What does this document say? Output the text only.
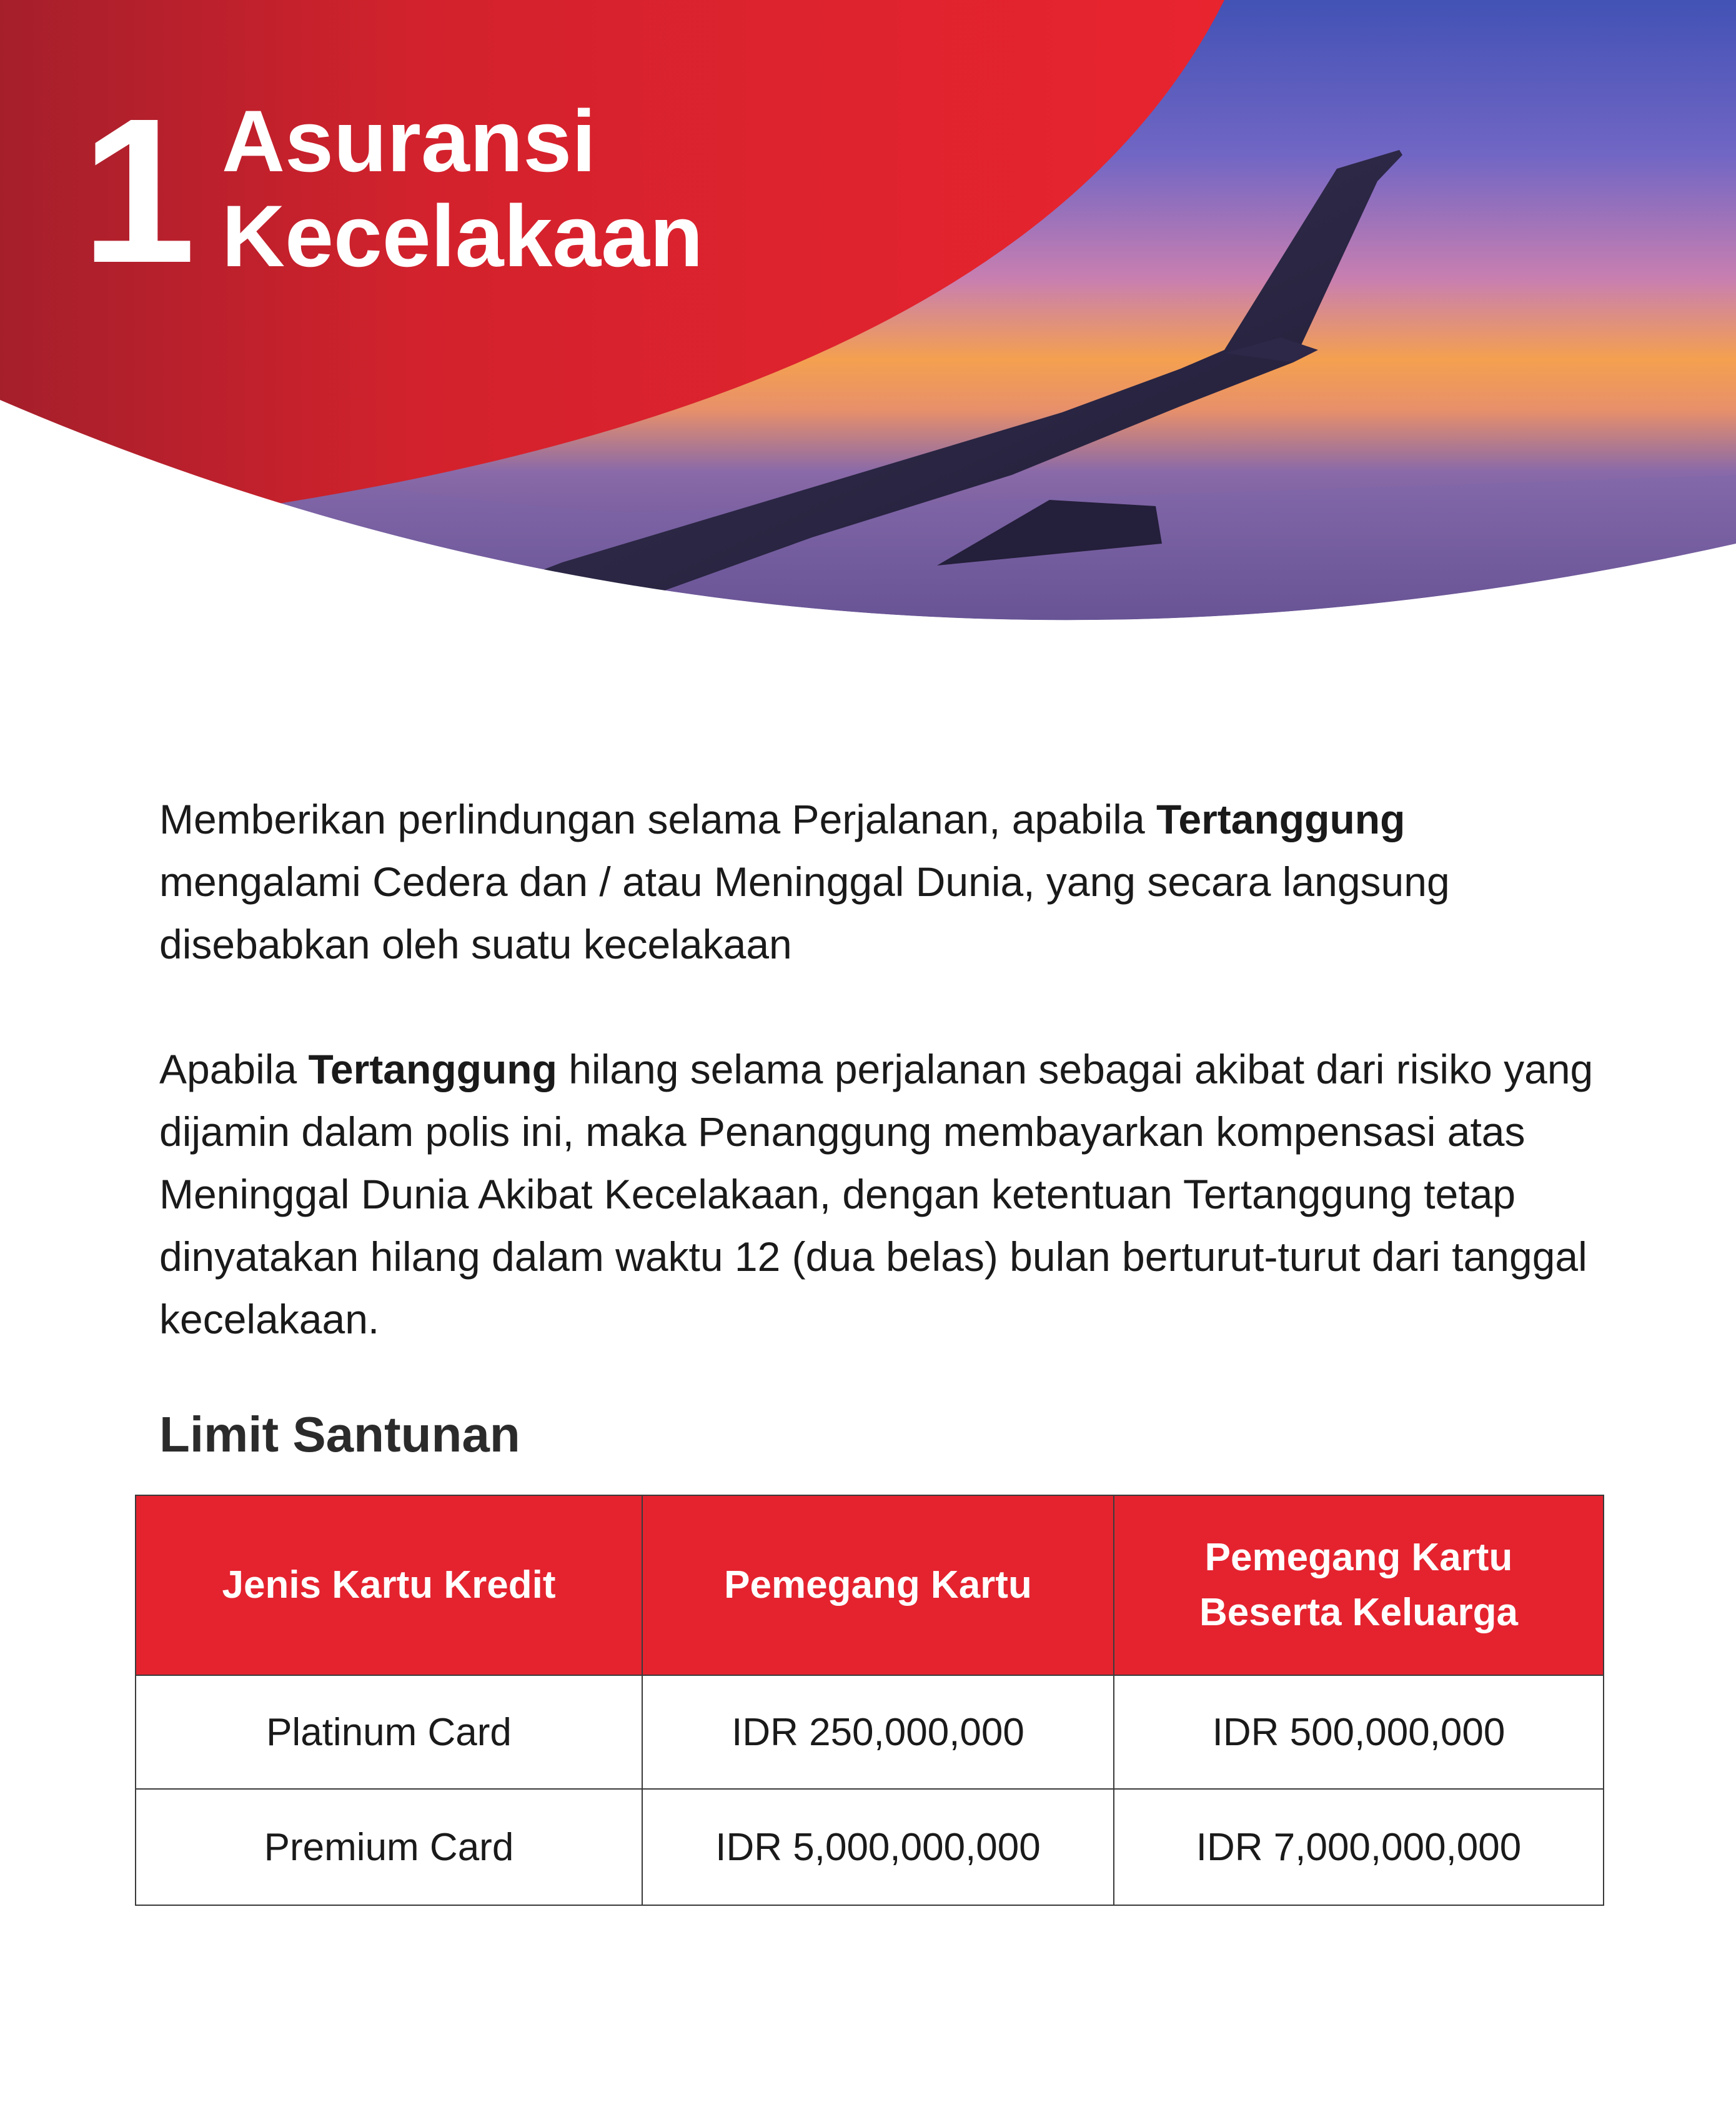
1 Asuransi
Kecelakaan

Memberikan perlindungan selama Perjalanan, apabila Tertanggung mengalami Cedera dan / atau Meninggal Dunia, yang secara langsung disebabkan oleh suatu kecelakaan

Apabila Tertanggung hilang selama perjalanan sebagai akibat dari risiko yang dijamin dalam polis ini, maka Penanggung membayarkan kompensasi atas Meninggal Dunia Akibat Kecelakaan, dengan ketentuan Tertanggung tetap dinyatakan hilang dalam waktu 12 (dua belas) bulan berturut-turut dari tanggal kecelakaan.

Limit Santunan
Jenis Kartu Kredit	Pemegang Kartu	Pemegang Kartu
Beserta Keluarga

Platinum Card	IDR 250,000,000	IDR 500,000,000
Premium Card	IDR 5,000,000,000	IDR 7,000,000,000
